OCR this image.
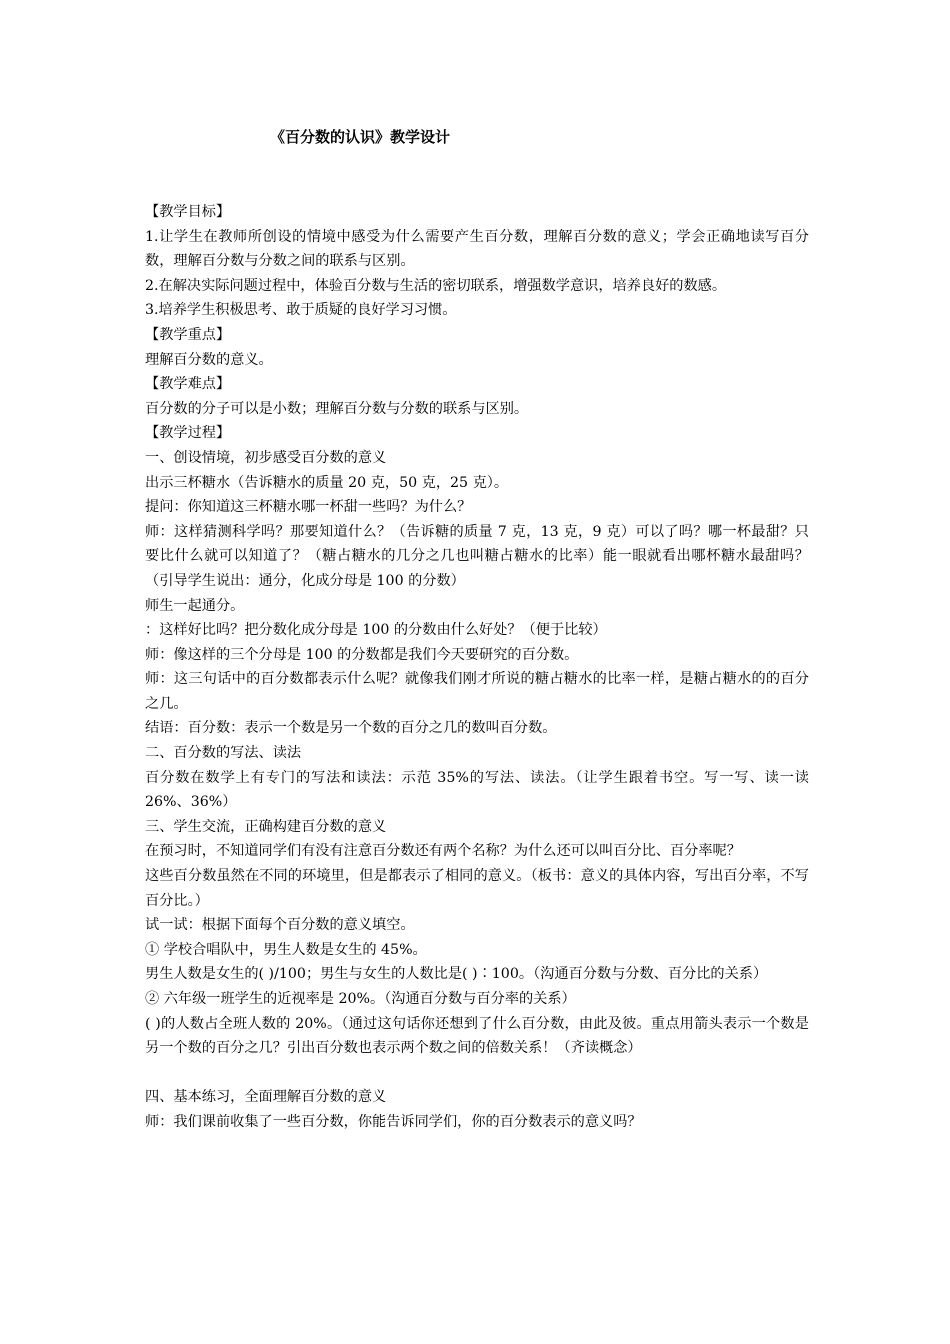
《百分数的认识》教学设计

【教学目标】

1.让学生在教师所创设的情境中感受为什么需要产生百分数，理解百分数的意义；学会正确地读写百分数，理解百分数与分数之间的联系与区别。

2.在解决实际问题过程中，体验百分数与生活的密切联系，增强数学意识，培养良好的数感。

3.培养学生积极思考、敢于质疑的良好学习习惯。

【教学重点】

理解百分数的意义。

【教学难点】

百分数的分子可以是小数；理解百分数与分数的联系与区别。

【教学过程】

一、创设情境，初步感受百分数的意义

出示三杯糖水（告诉糖水的质量 20 克，50 克，25 克）。

提问：你知道这三杯糖水哪一杯甜一些吗？为什么？

师：这样猜测科学吗？那要知道什么？（告诉糖的质量 7 克，13 克，9 克）可以了吗？哪一杯最甜？只要比什么就可以知道了？（糖占糖水的几分之几也叫糖占糖水的比率）能一眼就看出哪杯糖水最甜吗？（引导学生说出：通分，化成分母是 100 的分数）

师生一起通分。

：这样好比吗？把分数化成分母是 100 的分数由什么好处？（便于比较）

师：像这样的三个分母是 100 的分数都是我们今天要研究的百分数。

师：这三句话中的百分数都表示什么呢？就像我们刚才所说的糖占糖水的比率一样，是糖占糖水的的百分之几。

结语：百分数：表示一个数是另一个数的百分之几的数叫百分数。

二、百分数的写法、读法

百分数在数学上有专门的写法和读法：示范 35%的写法、读法。（让学生跟着书空。写一写、读一读 26%、36%）

三、学生交流，正确构建百分数的意义

在预习时，不知道同学们有没有注意百分数还有两个名称？为什么还可以叫百分比、百分率呢？

这些百分数虽然在不同的环境里，但是都表示了相同的意义。（板书：意义的具体内容，写出百分率，不写百分比。）

试一试：根据下面每个百分数的意义填空。

① 学校合唱队中，男生人数是女生的 45%。

男生人数是女生的( )/100；男生与女生的人数比是( )∶100。（沟通百分数与分数、百分比的关系）

② 六年级一班学生的近视率是 20%。（沟通百分数与百分率的关系）

( )的人数占全班人数的 20%。（通过这句话你还想到了什么百分数，由此及彼。重点用箭头表示一个数是另一个数的百分之几？引出百分数也表示两个数之间的倍数关系！（齐读概念）

四、基本练习，全面理解百分数的意义

师：我们课前收集了一些百分数，你能告诉同学们，你的百分数表示的意义吗？
